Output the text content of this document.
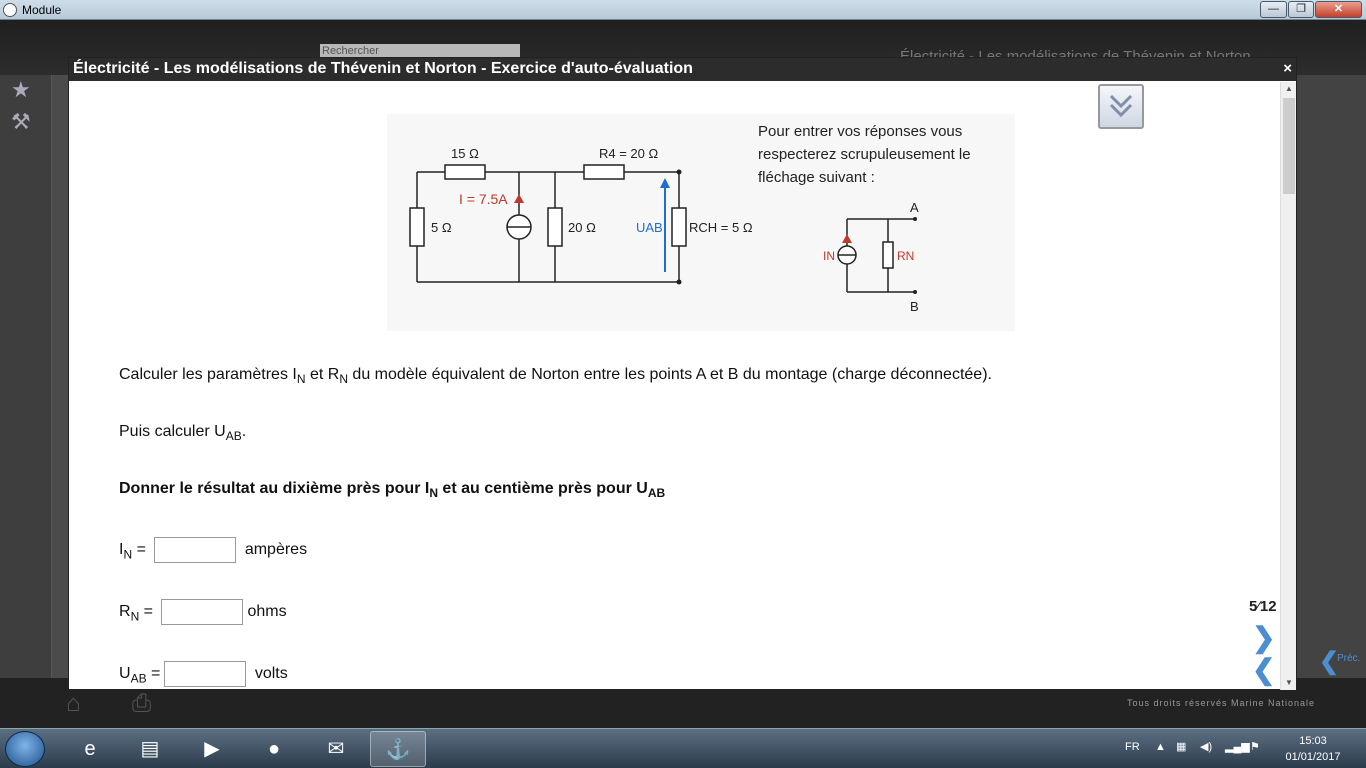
Module	—	❐	✕
Rechercher
★
⚒
❮
Préc.
⌂ ⎙	Tous droits réservés Marine Nationale
Électricité - Les modélisations de Thévenin et Norton - Exercice d'auto-évaluation	×
15 Ω	R4 = 20 Ω
5 Ω	20 Ω
I = 7.5A
UAB RCH = 5 Ω
Pour entrer vos réponses vous
respecterez scrupuleusement le
fléchage suivant :
A
B
IN	RN
Calculer les paramètres $I_N$ et $R_N$ du modèle équivalent de Norton entre les points A et B du montage (charge déconnectée).
Puis calculer $U_{AB}$.
Donner le résultat au dixième près pour $I_N$ et au centième près pour $U_{AB}$
$I_N$ =	ampères
$R_N$ =	ohms
$U_{AB}$ =	volts
5⁄12
❯
❮
▲
▼
e	▤	▶	●	✉	⚓	FR ▲ ▦ ◀) ▂▄▆ ⚑	15:03
01/01/2017
